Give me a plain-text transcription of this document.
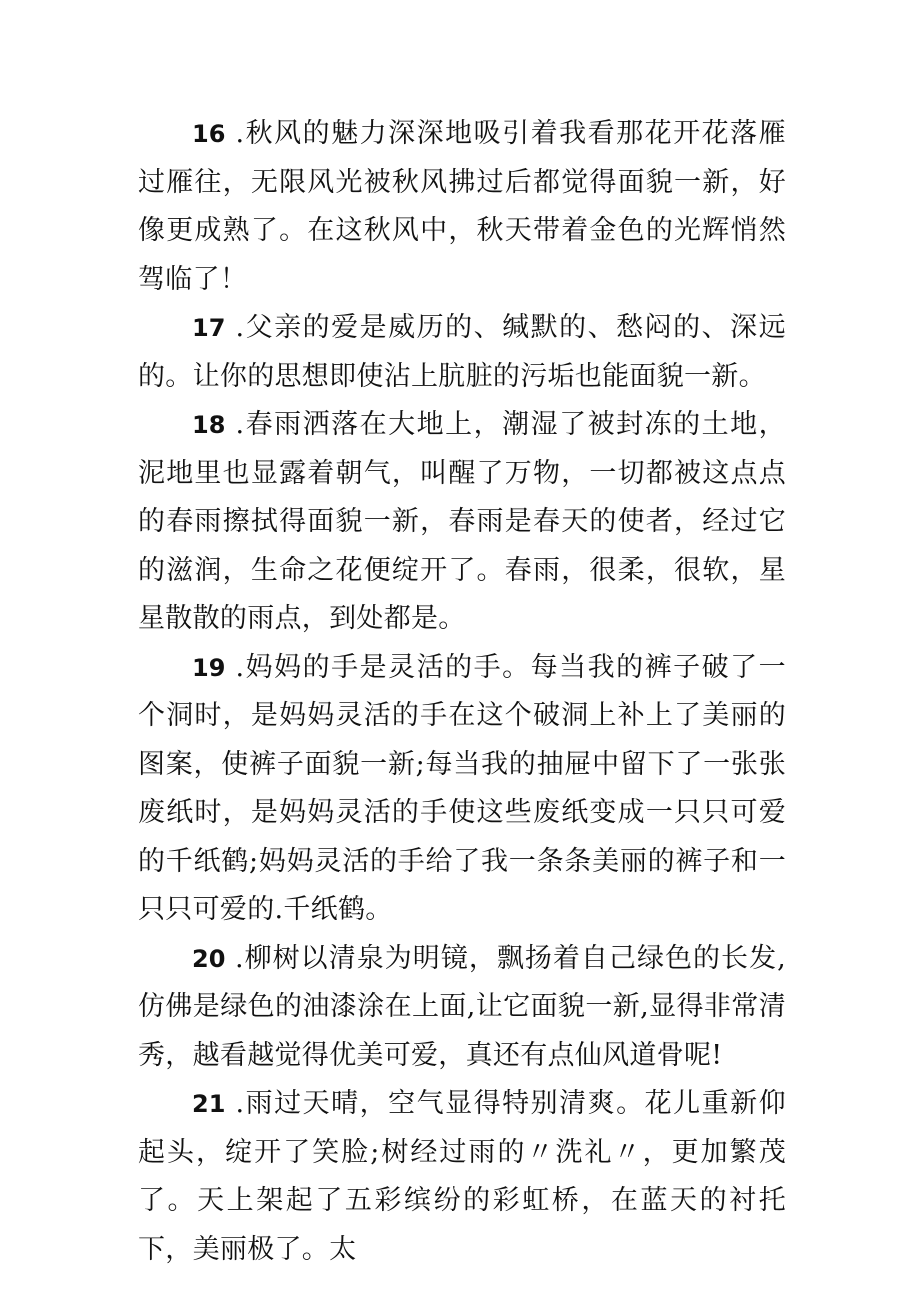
16 .秋风的魅力深深地吸引着我看那花开花落雁过雁往，无限风光被秋风拂过后都觉得面貌一新，好像更成熟了。在这秋风中，秋天带着金色的光辉悄然驾临了！

17 .父亲的爱是威历的、缄默的、愁闷的、深远的。让你的思想即使沾上肮脏的污垢也能面貌一新。

18 .春雨洒落在大地上，潮湿了被封冻的土地，泥地里也显露着朝气，叫醒了万物，一切都被这点点的春雨擦拭得面貌一新，春雨是春天的使者，经过它的滋润，生命之花便绽开了。春雨，很柔，很软，星星散散的雨点，到处都是。

19 .妈妈的手是灵活的手。每当我的裤子破了一个洞时，是妈妈灵活的手在这个破洞上补上了美丽的图案，使裤子面貌一新;每当我的抽屉中留下了一张张废纸时，是妈妈灵活的手使这些废纸变成一只只可爱的千纸鹤;妈妈灵活的手给了我一条条美丽的裤子和一只只可爱的.千纸鹤。

20 .柳树以清泉为明镜，飘扬着自己绿色的长发,仿佛是绿色的油漆涂在上面,让它面貌一新,显得非常清秀，越看越觉得优美可爱，真还有点仙风道骨呢!

21 .雨过天晴，空气显得特别清爽。花儿重新仰起头，绽开了笑脸;树经过雨的〃洗礼〃，更加繁茂了。天上架起了五彩缤纷的彩虹桥，在蓝天的衬托下，美丽极了。太
